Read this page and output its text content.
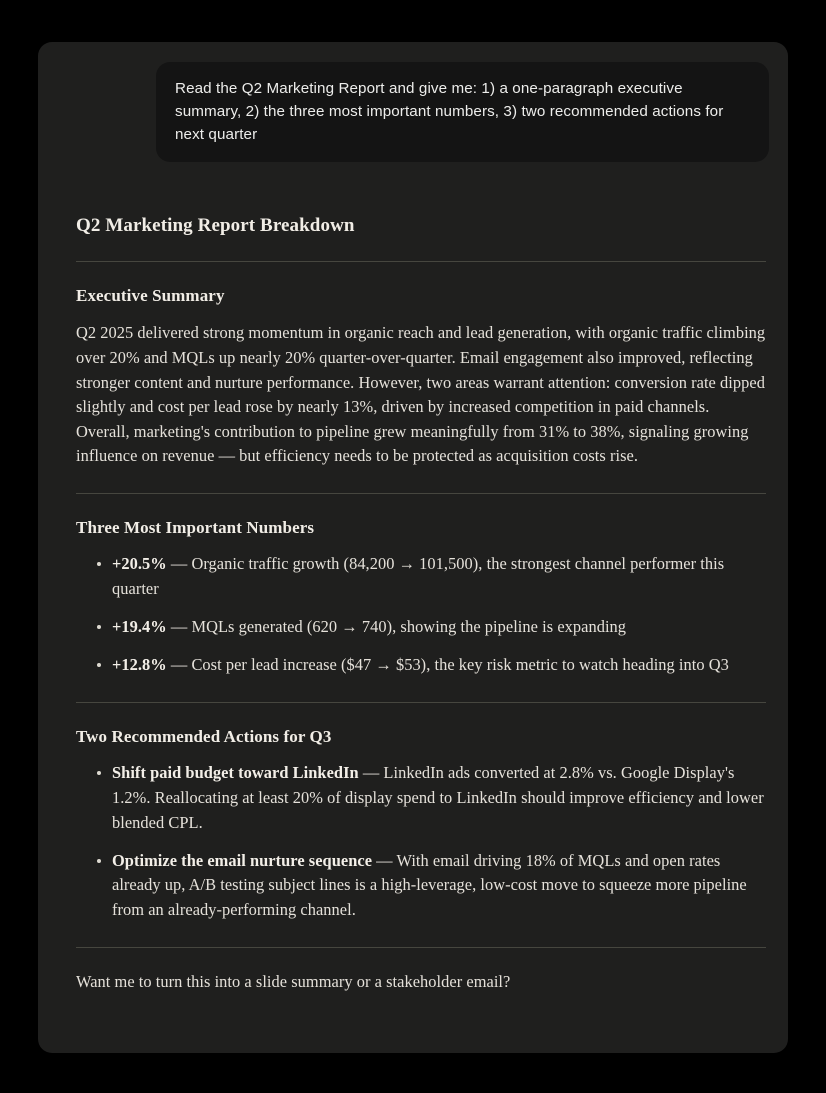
Read the Q2 Marketing Report and give me: 1) a one-paragraph executive summary, 2) the three most important numbers, 3) two recommended actions for next quarter
Q2 Marketing Report Breakdown
Executive Summary

Q2 2025 delivered strong momentum in organic reach and lead generation, with organic traffic climbing over 20% and MQLs up nearly 20% quarter-over-quarter. Email engagement also improved, reflecting stronger content and nurture performance. However, two areas warrant attention: conversion rate dipped slightly and cost per lead rose by nearly 13%, driven by increased competition in paid channels. Overall, marketing's contribution to pipeline grew meaningfully from 31% to 38%, signaling growing influence on revenue — but efficiency needs to be protected as acquisition costs rise.

Three Most Important Numbers
+20.5% — Organic traffic growth (84,200 → 101,500), the strongest channel performer this quarter
+19.4% — MQLs generated (620 → 740), showing the pipeline is expanding
+12.8% — Cost per lead increase ($47 → $53), the key risk metric to watch heading into Q3
Two Recommended Actions for Q3
Shift paid budget toward LinkedIn — LinkedIn ads converted at 2.8% vs. Google Display's 1.2%. Reallocating at least 20% of display spend to LinkedIn should improve efficiency and lower blended CPL.
Optimize the email nurture sequence — With email driving 18% of MQLs and open rates already up, A/B testing subject lines is a high-leverage, low-cost move to squeeze more pipeline from an already-performing channel.
Want me to turn this into a slide summary or a stakeholder email?
